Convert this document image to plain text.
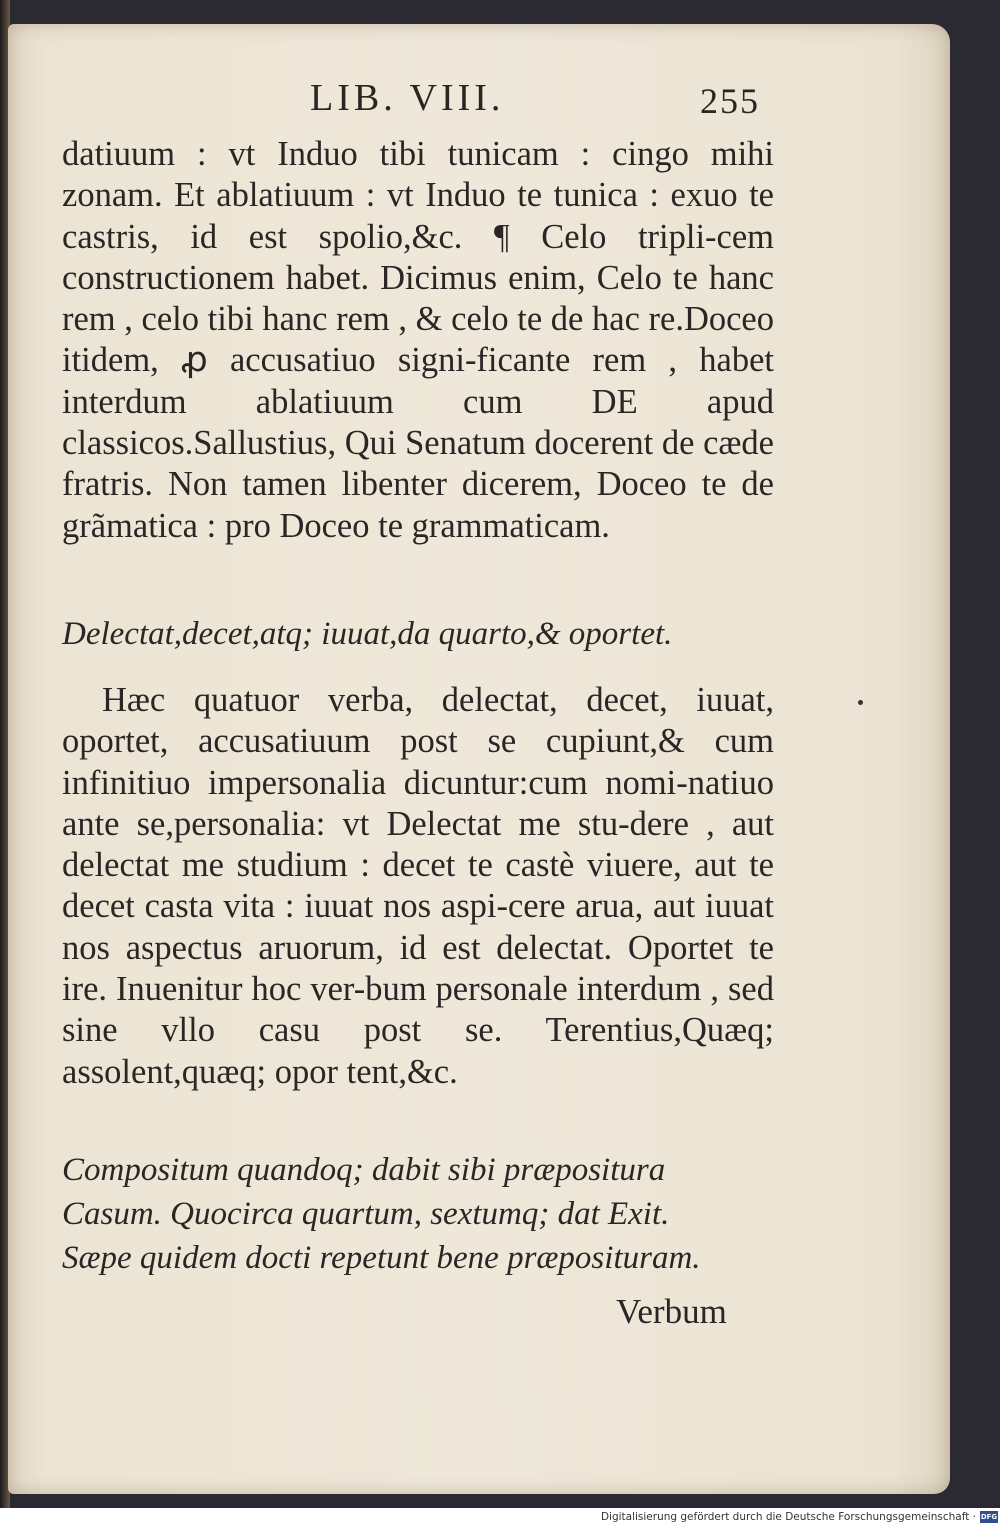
LIB. VIII.	255

datiuum : vt Induo tibi tunicam : cingo mihi zonam. Et ablatiuum : vt Induo te tunica : exuo te castris, id est spolio,&c. ¶ Celo tripli-cem constructionem habet. Dicimus enim, Celo te hanc rem , celo tibi hanc rem , & celo te de hac re.Doceo itidem, ꝓ accusatiuo signi-ficante rem , habet interdum ablatiuum cum DE apud classicos.Sallustius, Qui Senatum docerent de cæde fratris. Non tamen libenter dicerem, Doceo te de grãmatica : pro Doceo te grammaticam.

Delectat,decet,atq; iuuat,da quarto,& oportet.

Hæc quatuor verba, delectat, decet, iuuat, oportet, accusatiuum post se cupiunt,& cum infinitiuo impersonalia dicuntur:cum nomi-natiuo ante se,personalia: vt Delectat me stu-dere , aut delectat me studium : decet te castè viuere, aut te decet casta vita : iuuat nos aspi-cere arua, aut iuuat nos aspectus aruorum, id est delectat. Oportet te ire. Inuenitur hoc ver-bum personale interdum , sed sine vllo casu post se. Terentius,Quæq; assolent,quæq; opor tent,&c.

Compositum quandoq; dabit sibi præpositura
Casum. Quocirca quartum, sextumq; dat Exit.
Sæpe quidem docti repetunt bene præposituram.

Verbum
Digitalisierung gefördert durch die Deutsche Forschungsgemeinschaft · DFG
